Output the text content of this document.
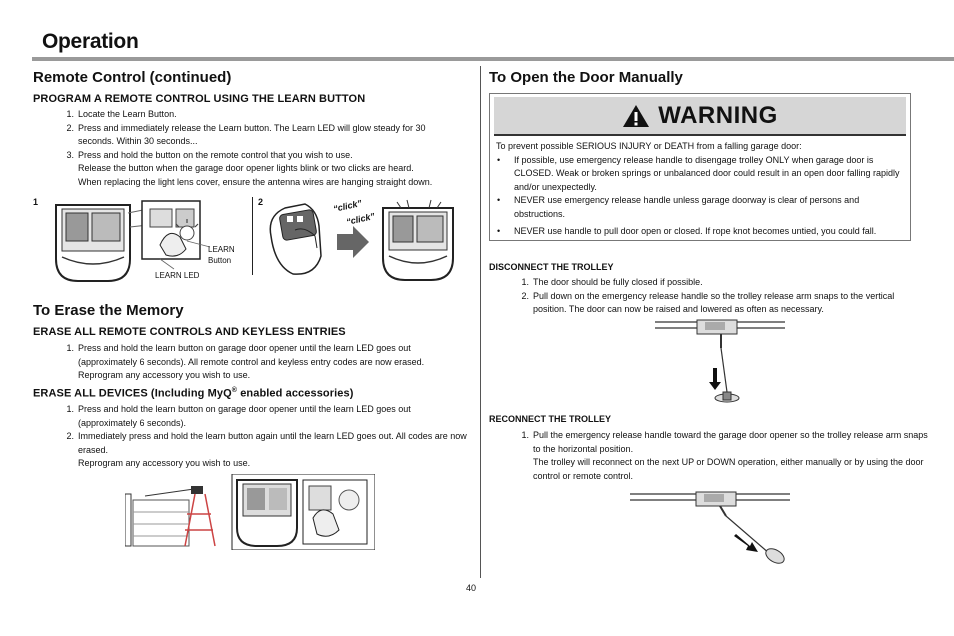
Operation
Remote Control (continued)
PROGRAM A REMOTE CONTROL USING THE LEARN BUTTON
1. Locate the Learn Button.
2. Press and immediately release the Learn button. The Learn LED will glow steady for 30 seconds. Within 30 seconds...
3. Press and hold the button on the remote control that you wish to use.
Release the button when the garage door opener lights blink or two clicks are heard.
When replacing the light lens cover, ensure the antenna wires are hanging straight down.
1
LEARN
Button
LEARN LED
2	“click”
“click”
To Erase the Memory
ERASE ALL REMOTE CONTROLS AND KEYLESS ENTRIES
1. Press and hold the learn button on garage door opener until the learn LED goes out (approximately 6 seconds). All remote control and keyless entry codes are now erased. Reprogram any accessory you wish to use.
ERASE ALL DEVICES (Including MyQ® enabled accessories)
1. Press and hold the learn button on garage door opener until the learn LED goes out (approximately 6 seconds).
2. Immediately press and hold the learn button again until the learn LED goes out. All codes are now erased.
Reprogram any accessory you wish to use.
To Open the Door Manually
WARNING
To prevent possible SERIOUS INJURY or DEATH from a falling garage door:
• If possible, use emergency release handle to disengage trolley ONLY when garage door is CLOSED. Weak or broken springs or unbalanced door could result in an open door falling rapidly and/or unexpectedly.
• NEVER use emergency release handle unless garage doorway is clear of persons and obstructions.
• NEVER use handle to pull door open or closed. If rope knot becomes untied, you could fall.
DISCONNECT THE TROLLEY
1. The door should be fully closed if possible.
2. Pull down on the emergency release handle so the trolley release arm snaps to the vertical position. The door can now be raised and lowered as often as necessary.
RECONNECT THE TROLLEY
1. Pull the emergency release handle toward the garage door opener so the trolley release arm snaps to the horizontal position.
The trolley will reconnect on the next UP or DOWN operation, either manually or by using the door control or remote control.
40
